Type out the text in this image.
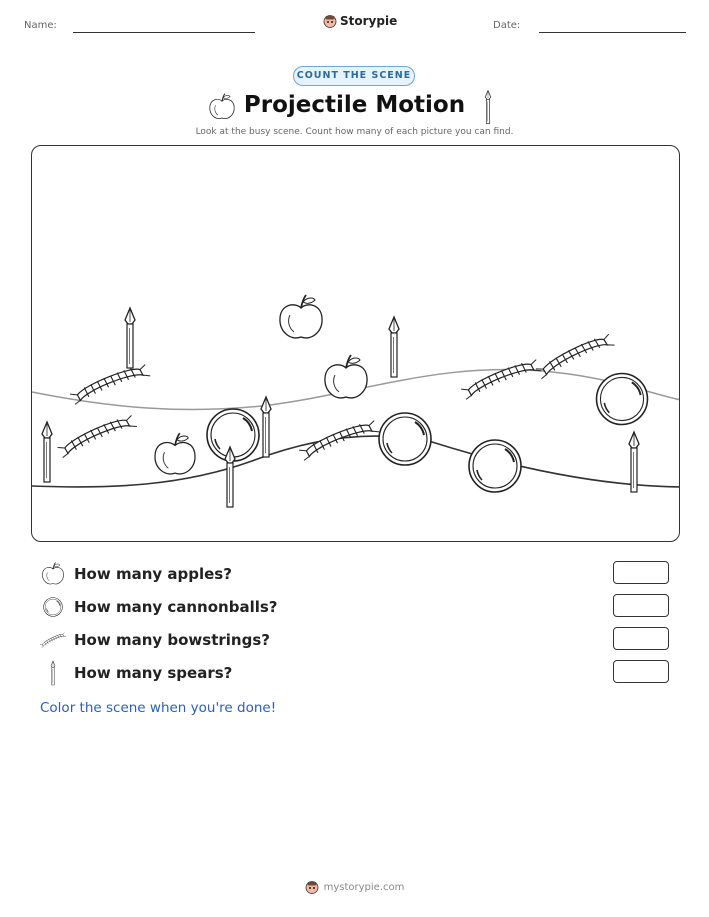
Name:	Storypie	Date:
COUNT THE SCENE
Projectile Motion
Look at the busy scene. Count how many of each picture you can find.
How many apples?
How many cannonballs?
How many bowstrings?
How many spears?
Color the scene when you're done!
mystorypie.com
